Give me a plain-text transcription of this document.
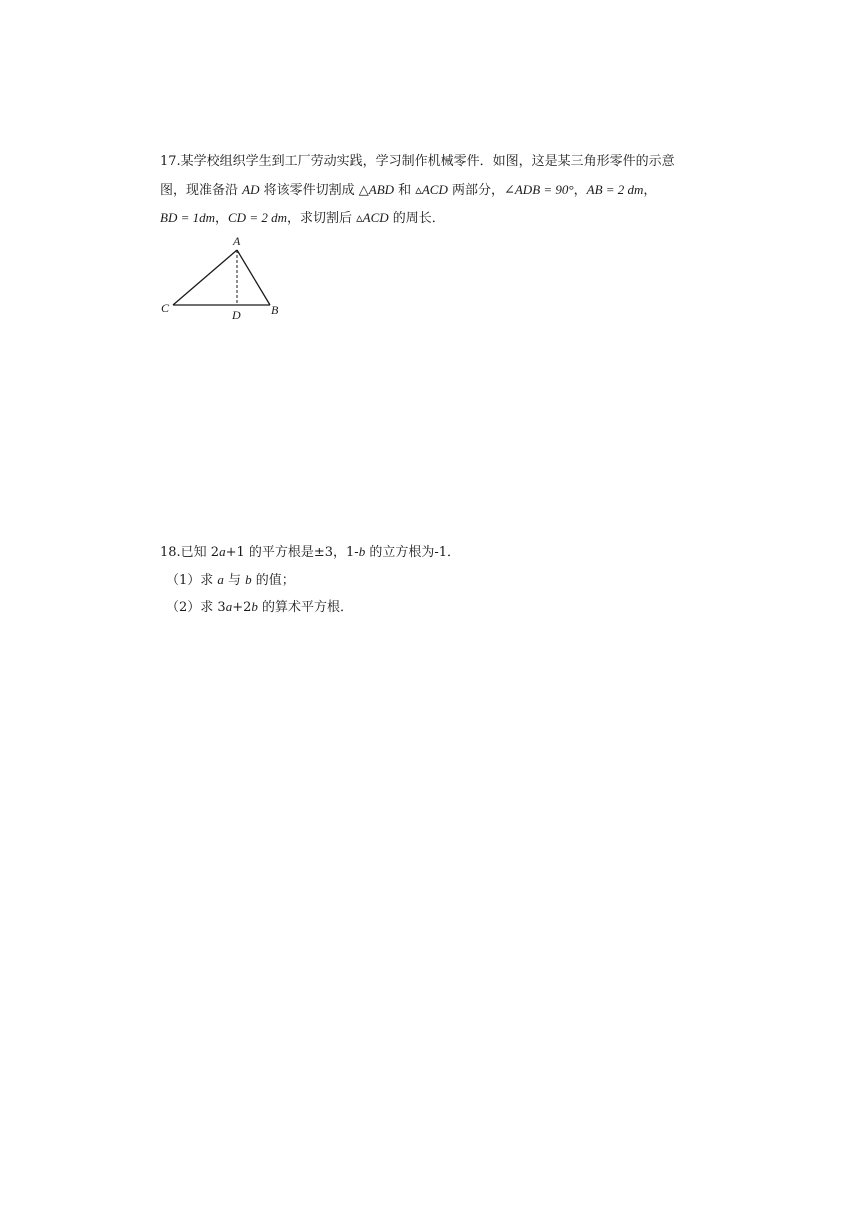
17.某学校组织学生到工厂劳动实践，学习制作机械零件．如图，这是某三角形零件的示意
图，现准备沿 AD 将该零件切割成 △ABD 和 ▵ACD 两部分，∠ADB = 90°，AB = 2 dm，
BD = 1dm，CD = 2 dm，求切割后 ▵ACD 的周长．
A
C	D	B
18.已知 2a+1 的平方根是±3，1-b 的立方根为-1．
（1）求 a 与 b 的值；
（2）求 3a+2b 的算术平方根．
